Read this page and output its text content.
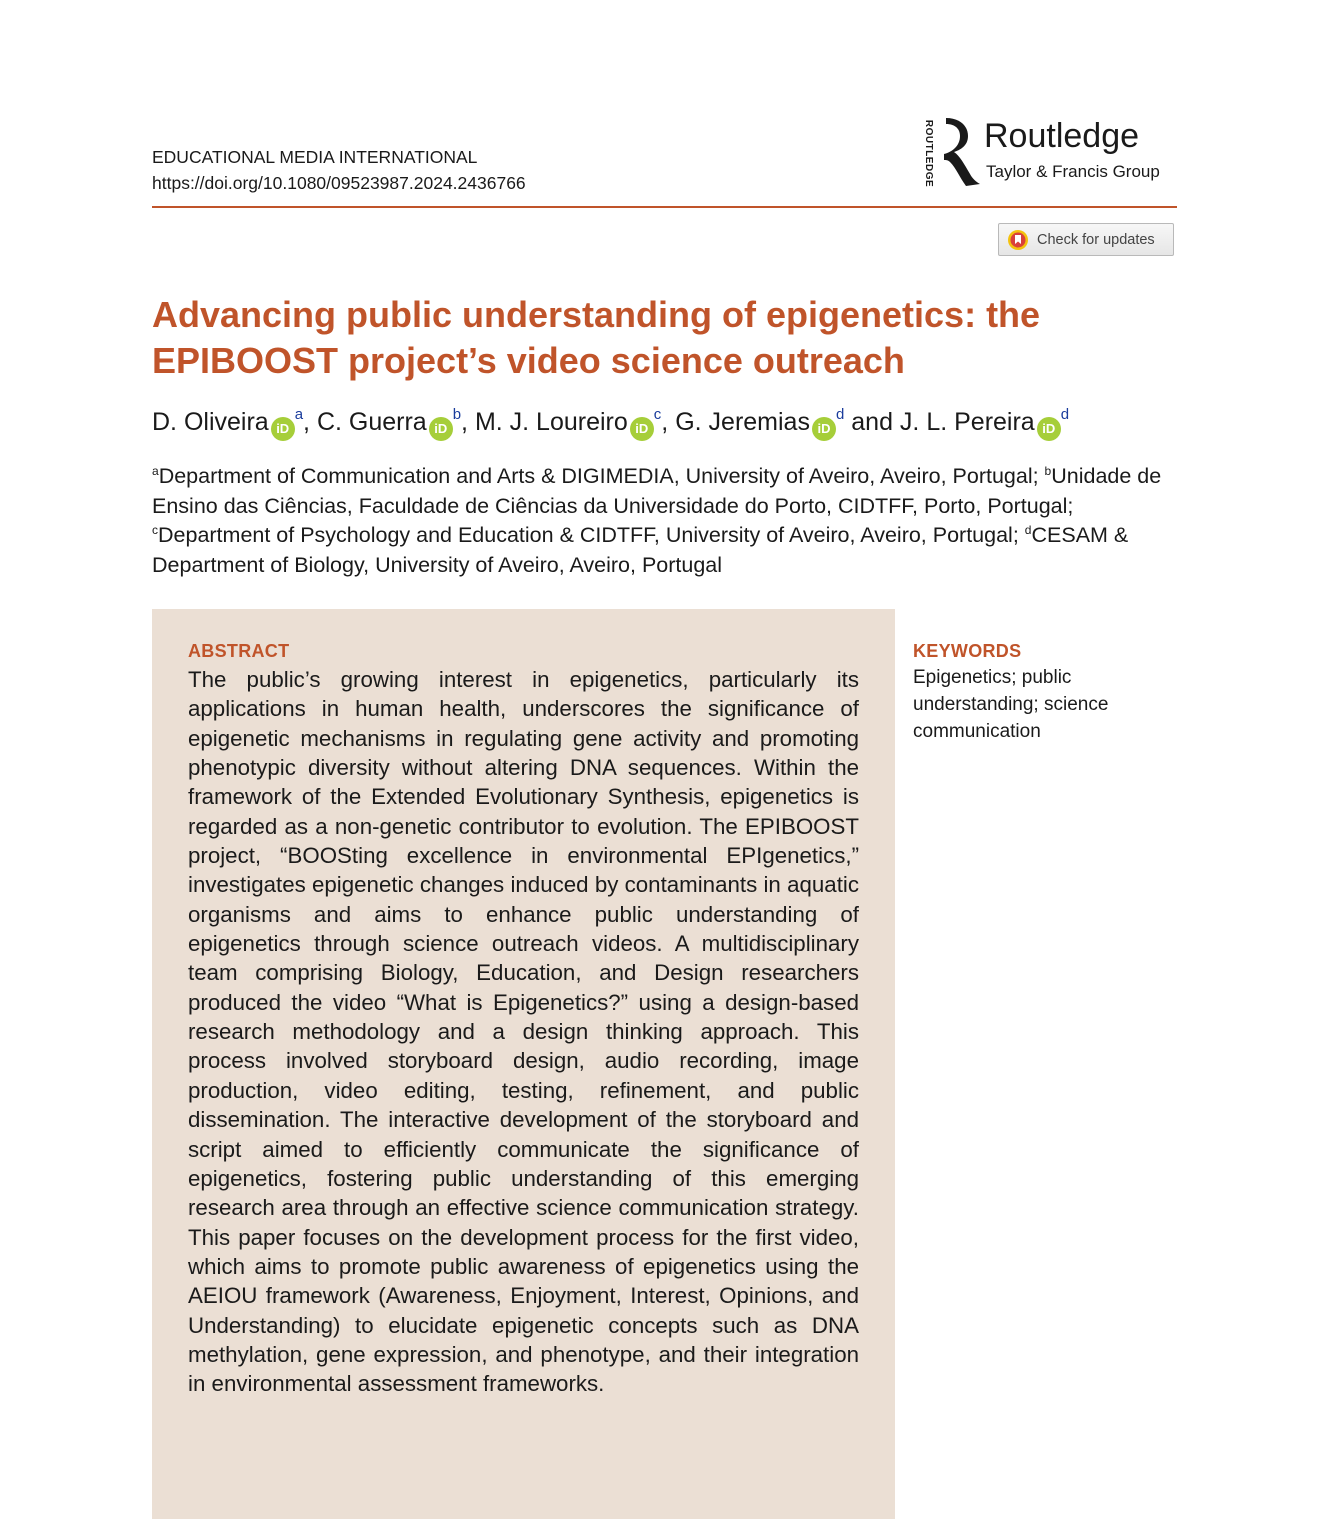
EDUCATIONAL MEDIA INTERNATIONAL
https://doi.org/10.1080/09523987.2024.2436766	ROUTLEDGE Routledge
Taylor & Francis Group
Check for updates
Advancing public understanding of epigenetics: the EPIBOOST project’s video science outreach
D. Oliveira $iD^a$, C. Guerra $iD^b$, M. J. Loureiro $iD^c$, G. Jeremias $iD^d$ and J. L. Pereira $iD^d$
$^a$Department of Communication and Arts & DIGIMEDIA, University of Aveiro, Aveiro, Portugal; $^b$Unidade de Ensino das Ciências, Faculdade de Ciências da Universidade do Porto, CIDTFF, Porto, Portugal; $^c$Department of Psychology and Education & CIDTFF, University of Aveiro, Aveiro, Portugal; $^d$CESAM & Department of Biology, University of Aveiro, Aveiro, Portugal
ABSTRACT
The public’s growing interest in epigenetics, particularly its applications in human health, underscores the significance of epigenetic mechanisms in regulating gene activity and promoting phenotypic diversity without altering DNA sequences. Within the framework of the Extended Evolutionary Synthesis, epigenetics is regarded as a non-genetic contributor to evolution. The EPIBOOST project, “BOOSting excellence in environmental EPIgenetics,” investigates epigenetic changes induced by contaminants in aquatic organisms and aims to enhance public understanding of epigenetics through science outreach videos. A multidisciplinary team comprising Biology, Education, and Design researchers produced the video “What is Epigenetics?” using a design-based research methodology and a design thinking approach. This process involved storyboard design, audio recording, image production, video editing, testing, refinement, and public dissemination. The interactive development of the storyboard and script aimed to efficiently communicate the significance of epigenetics, fostering public understanding of this emerging research area through an effective science communication strategy. This paper focuses on the development process for the first video, which aims to promote public awareness of epigenetics using the AEIOU framework (Awareness, Enjoyment, Interest, Opinions, and Understanding) to elucidate epigenetic concepts such as DNA methylation, gene expression, and phenotype, and their integration in environmental assessment frameworks.
KEYWORDS
Epigenetics; public understanding; science communication
